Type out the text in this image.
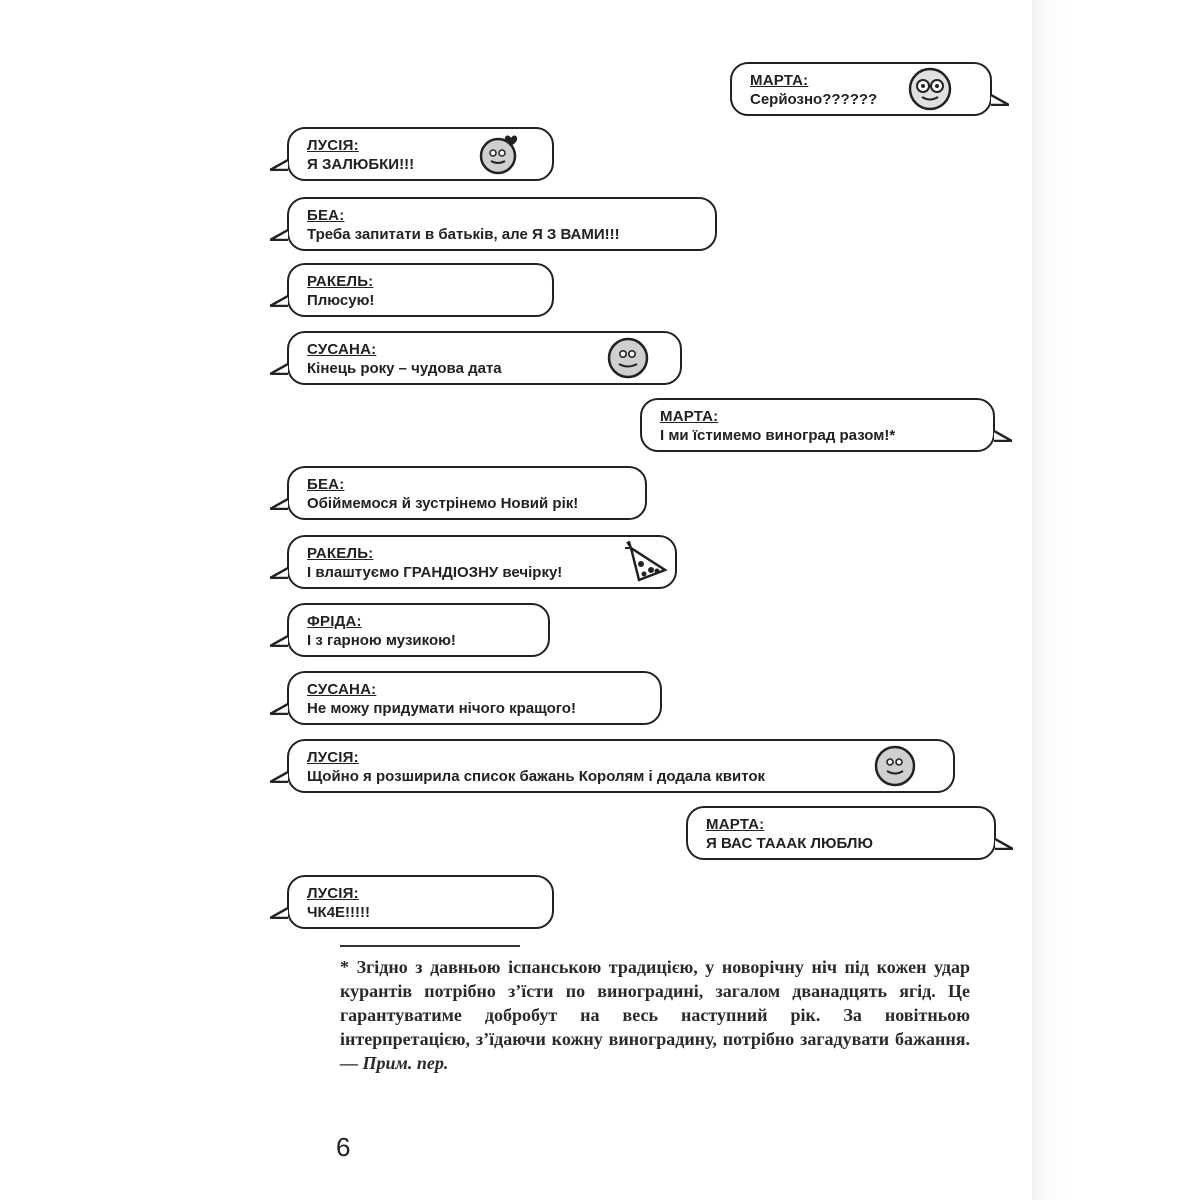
МАРТА:
Серйозно??????
ЛУСІЯ:
Я ЗАЛЮБКИ!!!
БЕА:
Треба запитати в батьків, але Я З ВАМИ!!!
РАКЕЛЬ:
Плюсую!
СУСАНА:
Кінець року – чудова дата
МАРТА:
І ми їстимемо виноград разом!*
БЕА:
Обіймемося й зустрінемо Новий рік!
РАКЕЛЬ:
І влаштуємо ГРАНДІОЗНУ вечірку!
ФРІДА:
І з гарною музикою!
СУСАНА:
Не можу придумати нічого кращого!
ЛУСІЯ:
Щойно я розширила список бажань Королям і додала квиток
МАРТА:
Я ВАС ТАААК ЛЮБЛЮ
ЛУСІЯ:
ЧК4Е!!!!!
* Згідно з давньою іспанською традицією, у новорічну ніч під кожен удар курантів потрібно з’їсти по виноградині, загалом дванадцять ягід. Це гарантуватиме добробут на весь наступний рік. За новітньою інтерпретацією, з’їдаючи кожну виноградину, потрібно загадувати бажання. — Прим. пер.
6
